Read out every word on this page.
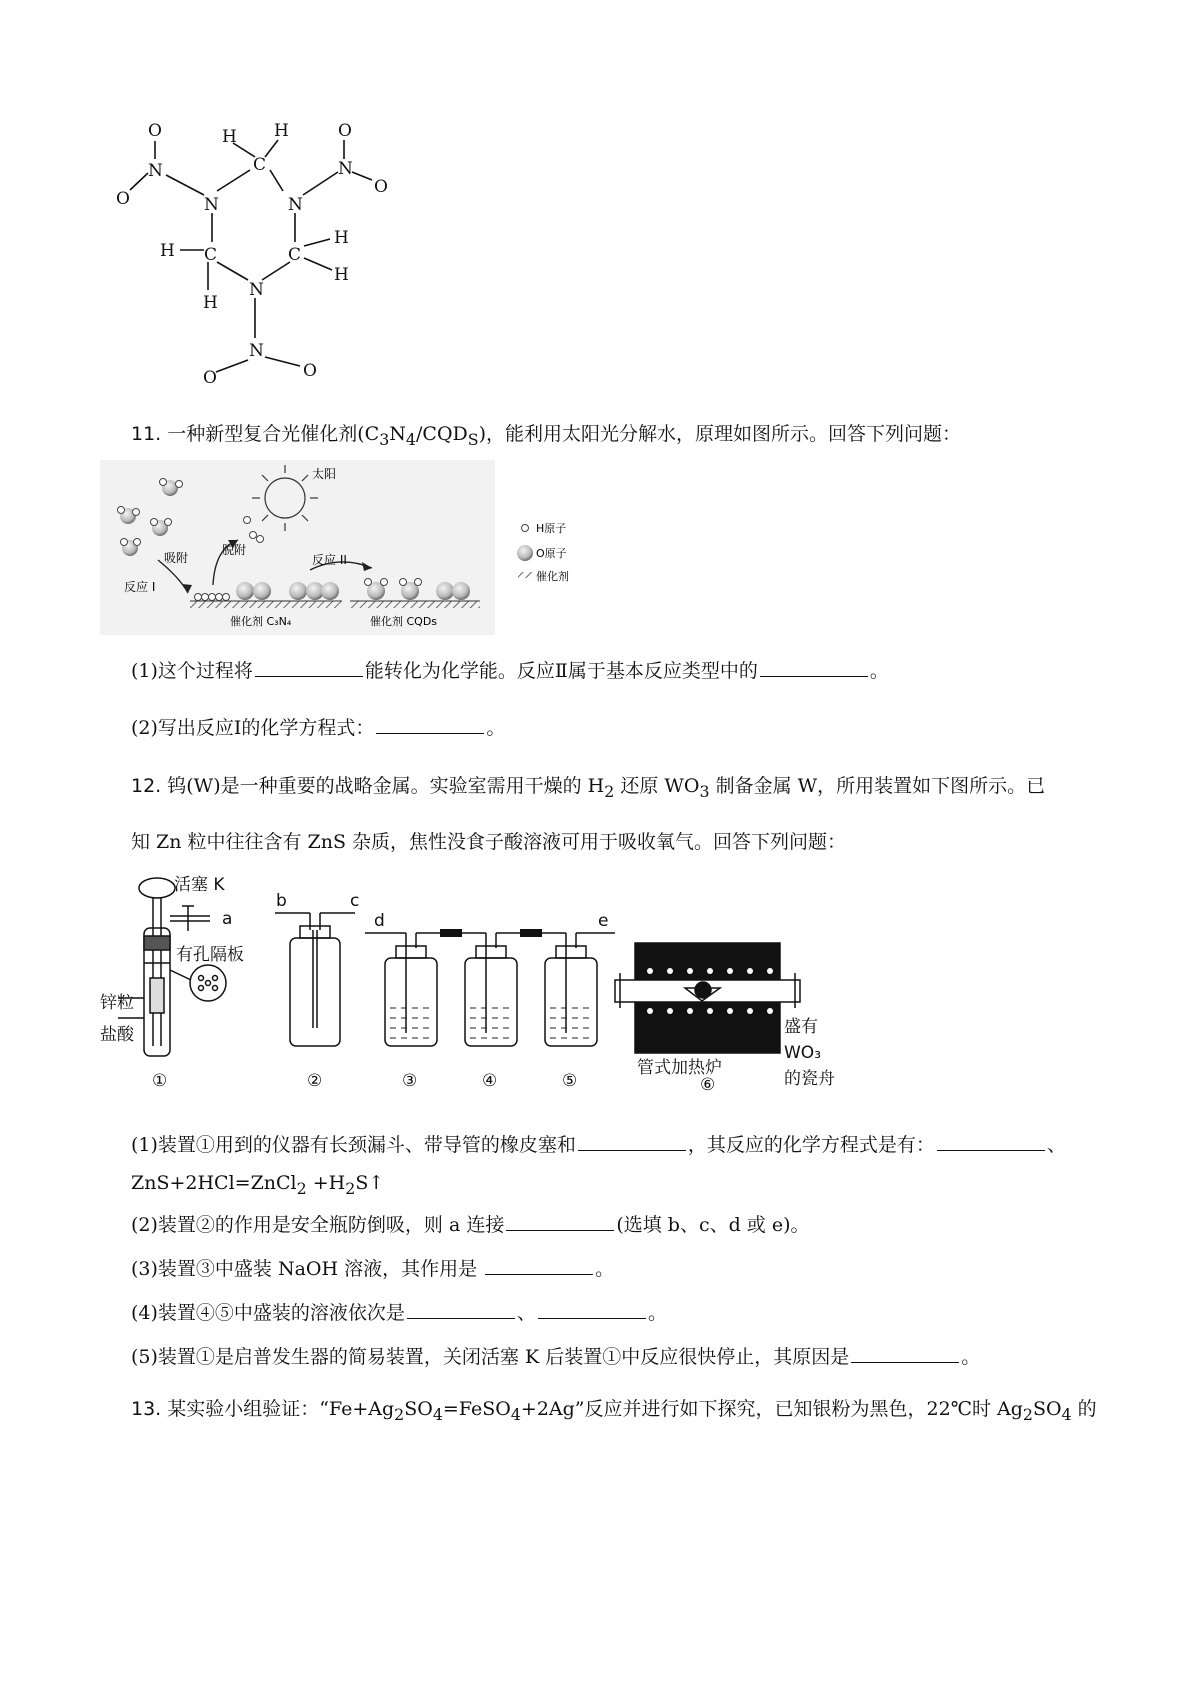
C
N	N
C	C
N
H H
H
H
H
H
N
O
O
N
O
O
N
O	O
11. 一种新型复合光催化剂$(C_3N_4/CQD_S)$，能利用太阳光分解水，原理如图所示。回答下列问题：
太阳
吸附
脱附
反应 I
反应 II
催化剂 C₃N₄	催化剂 CQDs
H原子
O原子
催化剂
(1)这个过程将	能转化为化学能。反应Ⅱ属于基本反应类型中的	。
(2)写出反应Ⅰ的化学方程式：	。
12. 钨(W)是一种重要的战略金属。实验室需用干燥的 $H_2$ 还原 $WO_3$ 制备金属 W，所用装置如下图所示。已
知 Zn 粒中往往含有 ZnS 杂质，焦性没食子酸溶液可用于吸收氧气。回答下列问题：
活塞 K
a
有孔隔板
锌粒
盐酸
b	c
d	e
管式加热炉
盛有
WO₃
的瓷舟
①	②	③	④	⑤	⑥
(1)装置①用到的仪器有长颈漏斗、带导管的橡皮塞和	，其反应的化学方程式是有：	、
ZnS+2HCl=ZnCl$_2$ $+H_2S↑$
(2)装置②的作用是安全瓶防倒吸，则 a 连接	(选填 b、c、d 或 e)。
(3)装置③中盛装 NaOH 溶液，其作用是	。
(4)装置④⑤中盛装的溶液依次是	、	。
(5)装置①是启普发生器的简易装置，关闭活塞 K 后装置①中反应很快停止，其原因是	。
13. 某实验小组验证：“$Fe+Ag_2SO_4=FeSO_4+2Ag$”反应并进行如下探究，已知银粉为黑色，22℃时 $Ag_2SO_4$ 的
